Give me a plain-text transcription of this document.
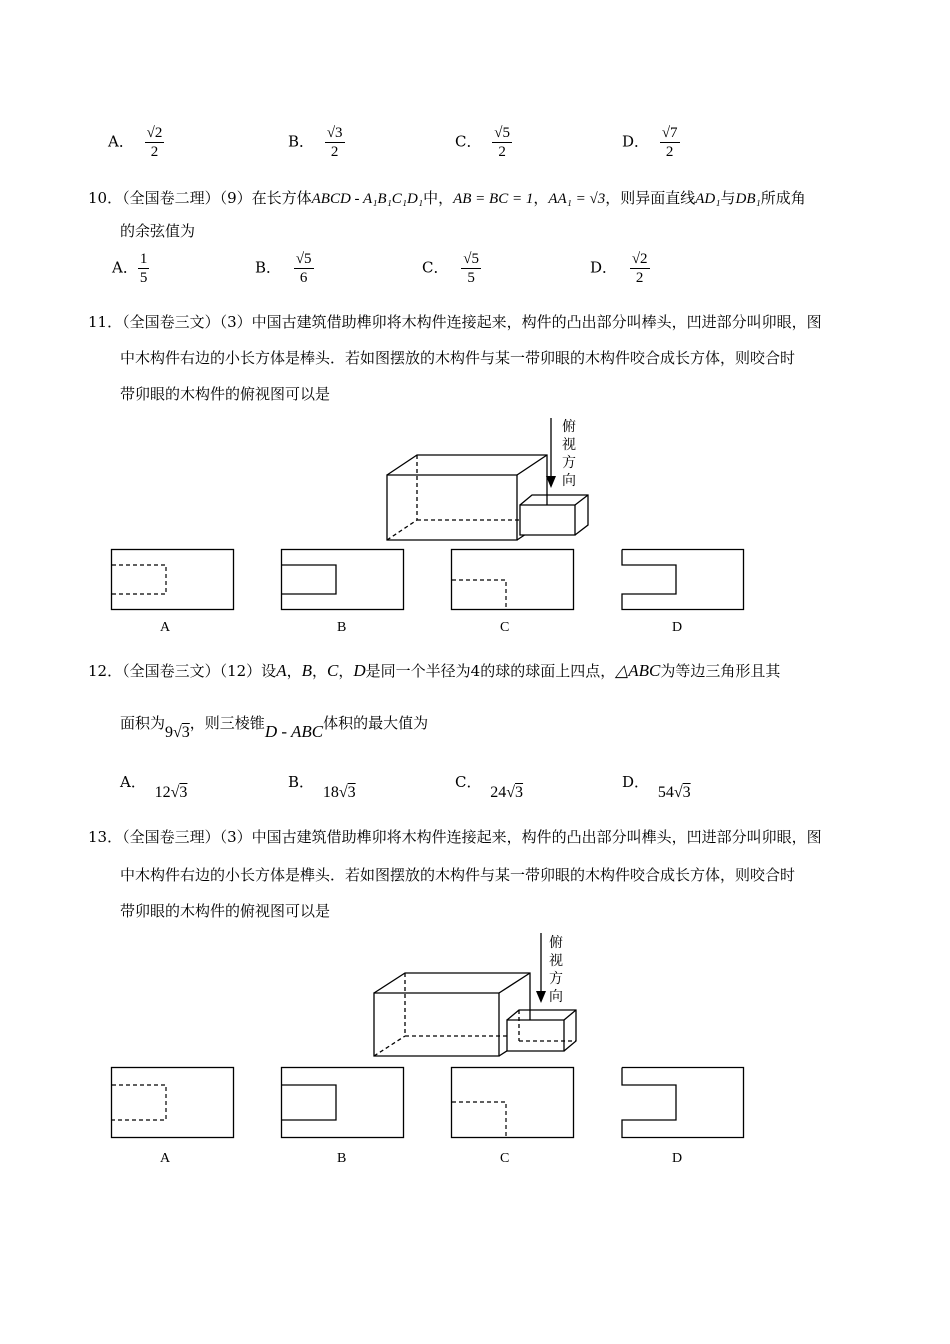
A． $\frac{√2}{2}$	B． $\frac{√3}{2}$	C． $\frac{√5}{2}$	D． $\frac{√7}{2}$
10．（全国卷二理）（9）在长方体ABCD - A₁B₁C₁D₁中，AB = BC = 1，AA₁ = √3，则异面直线AD₁与DB₁所成角
的余弦值为
A． $\frac{1}{5}$	B． $\frac{√5}{6}$	C． $\frac{√5}{5}$	D． $\frac{√2}{2}$
11．（全国卷三文）（3）中国古建筑借助榫卯将木构件连接起来，构件的凸出部分叫棒头，凹进部分叫卯眼，图
中木构件右边的小长方体是棒头．若如图摆放的木构件与某一带卯眼的木构件咬合成长方体，则咬合时
带卯眼的木构件的俯视图可以是
俯
视
方
向
A	B	C	D
12．（全国卷三文）（12）设A，B，C，D是同一个半径为4的球的球面上四点，△ABC为等边三角形且其
面积为9√3，则三棱锥D - ABC体积的最大值为
A． 12√3
B． 18√3
C． 24√3
D． 54√3
13．（全国卷三理）（3）中国古建筑借助榫卯将木构件连接起来，构件的凸出部分叫榫头，凹进部分叫卯眼，图
中木构件右边的小长方体是榫头．若如图摆放的木构件与某一带卯眼的木构件咬合成长方体，则咬合时
带卯眼的木构件的俯视图可以是
俯
视
方
向
A	B	C	D
